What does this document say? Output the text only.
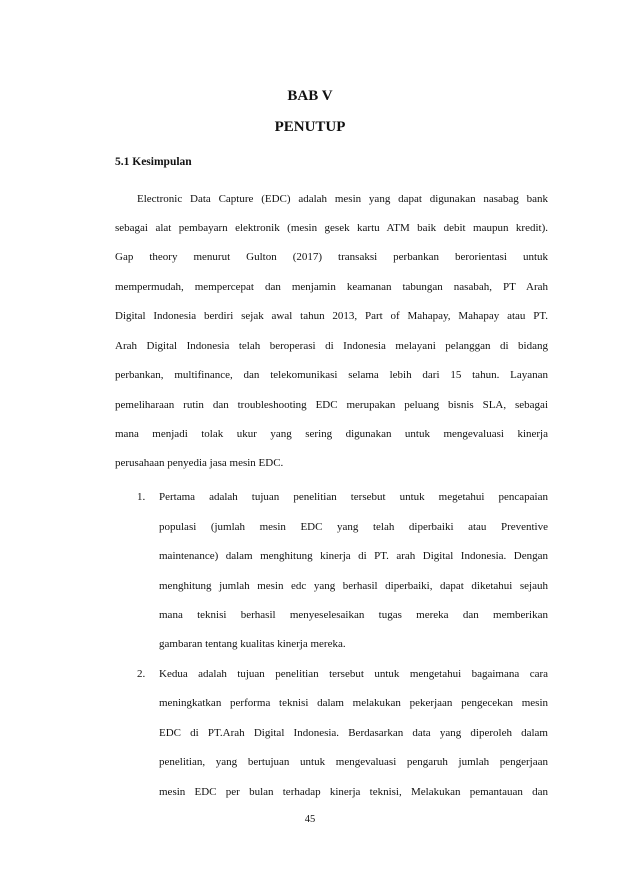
BAB V
PENUTUP
5.1 Kesimpulan
Electronic Data Capture (EDC) adalah mesin yang dapat digunakan nasabag bank
sebagai alat pembayarn elektronik (mesin gesek kartu ATM baik debit maupun kredit).
Gap theory menurut Gulton (2017) transaksi perbankan berorientasi untuk
mempermudah, mempercepat dan menjamin keamanan tabungan nasabah, PT Arah
Digital Indonesia berdiri sejak awal tahun 2013, Part of Mahapay, Mahapay atau PT.
Arah Digital Indonesia telah beroperasi di Indonesia melayani pelanggan di bidang
perbankan, multifinance, dan telekomunikasi selama lebih dari 15 tahun. Layanan
pemeliharaan rutin dan troubleshooting EDC merupakan peluang bisnis SLA, sebagai
mana menjadi tolak ukur yang sering digunakan untuk mengevaluasi kinerja
perusahaan penyedia jasa mesin EDC.
1. Pertama adalah tujuan penelitian tersebut untuk megetahui pencapaian
populasi (jumlah mesin EDC yang telah diperbaiki atau Preventive
maintenance) dalam menghitung kinerja di PT. arah Digital Indonesia. Dengan
menghitung jumlah mesin edc yang berhasil diperbaiki, dapat diketahui sejauh
mana teknisi berhasil menyeselesaikan tugas mereka dan memberikan
gambaran tentang kualitas kinerja mereka.
2. Kedua adalah tujuan penelitian tersebut untuk mengetahui bagaimana cara
meningkatkan performa teknisi dalam melakukan pekerjaan pengecekan mesin
EDC di PT.Arah Digital Indonesia. Berdasarkan data yang diperoleh dalam
penelitian, yang bertujuan untuk mengevaluasi pengaruh jumlah pengerjaan
mesin EDC per bulan terhadap kinerja teknisi, Melakukan pemantauan dan
45
